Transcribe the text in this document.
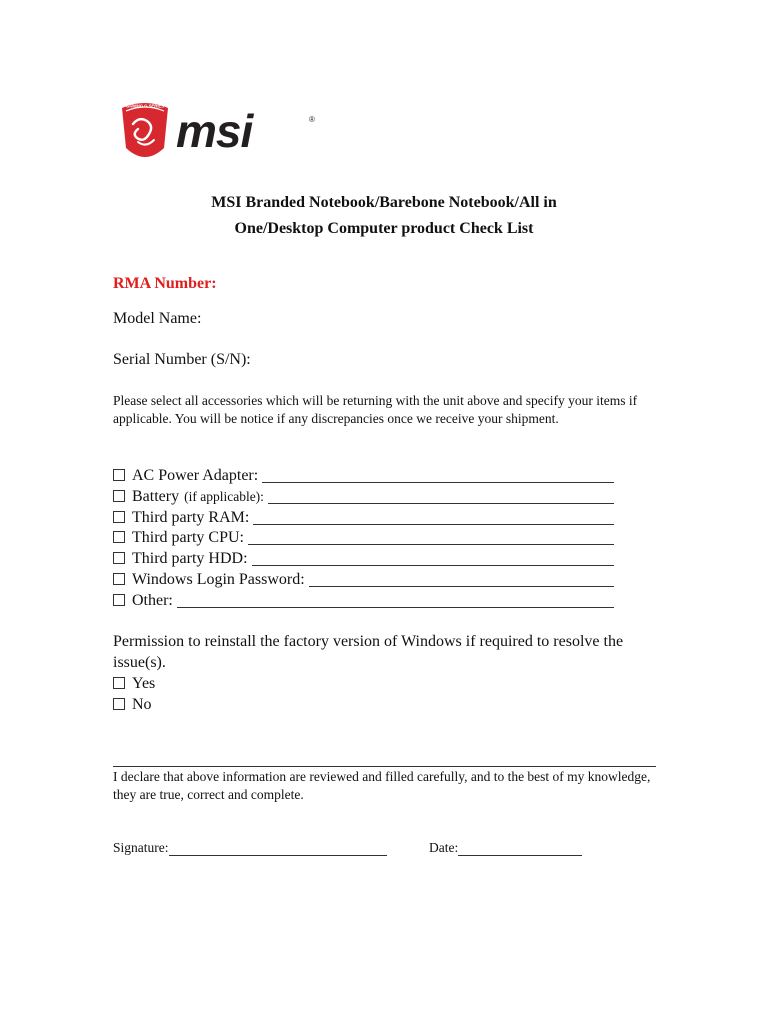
GAMING G SERIES msi	®
MSI Branded Notebook/Barebone Notebook/All in
One/Desktop Computer product Check List
RMA Number:
Model Name:
Serial Number (S/N):
Please select all accessories which will be returning with the unit above and specify your items if applicable. You will be notice if any discrepancies once we receive your shipment.
AC Power Adapter:
Battery (if applicable):
Third party RAM:
Third party CPU:
Third party HDD:
Windows Login Password:
Other:
Permission to reinstall the factory version of Windows if required to resolve the issue(s).
Yes
No
I declare that above information are reviewed and filled carefully, and to the best of my knowledge, they are true, correct and complete.
Signature:	Date:
